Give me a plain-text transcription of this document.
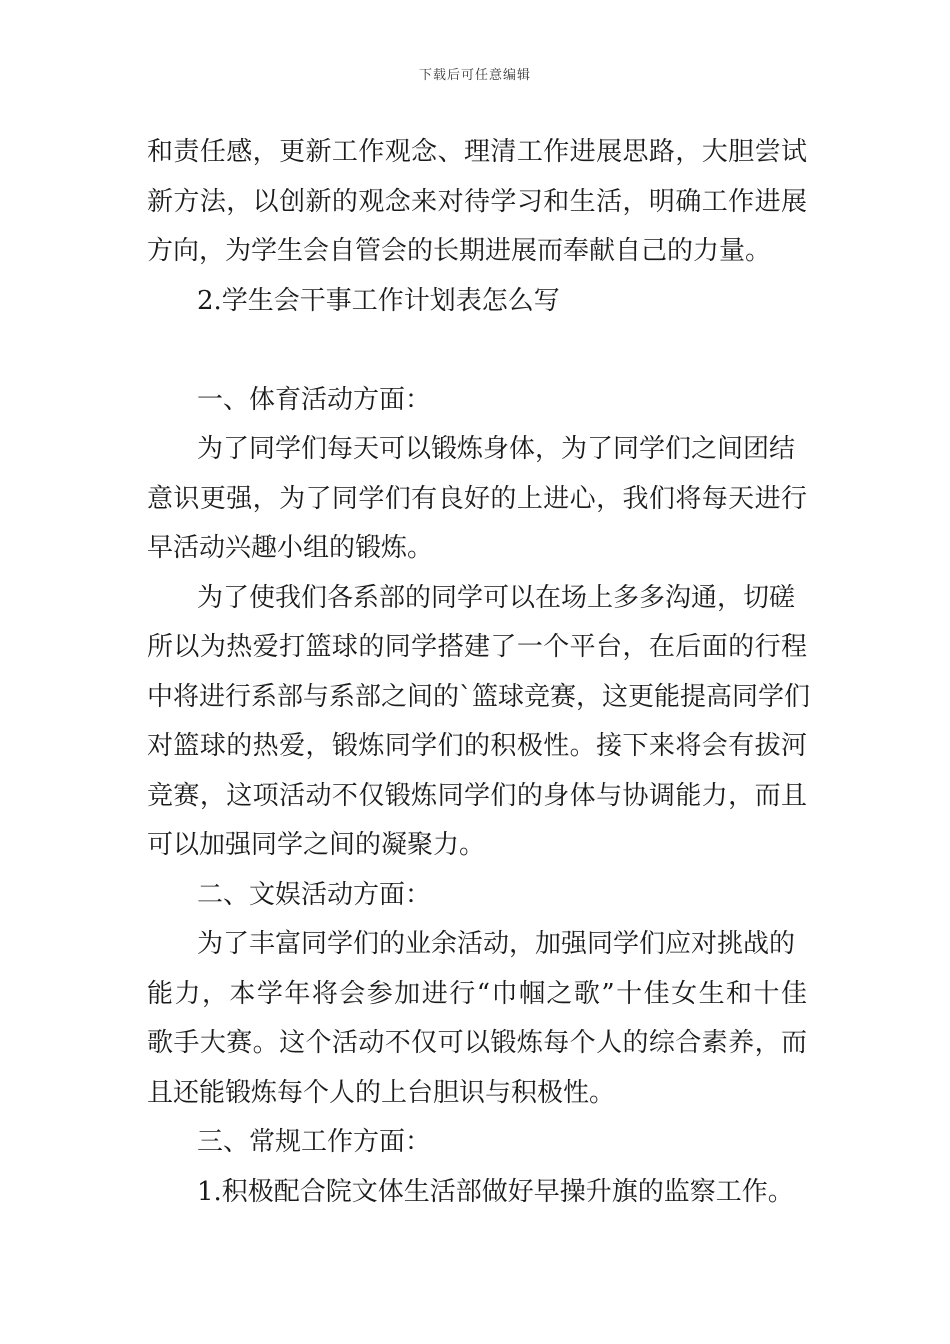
下载后可任意编辑
和责任感，更新工作观念、理清工作进展思路，大胆尝试
新方法，以创新的观念来对待学习和生活，明确工作进展
方向，为学生会自管会的长期进展而奉献自己的力量。
2.学生会干事工作计划表怎么写
一、体育活动方面：
为了同学们每天可以锻炼身体，为了同学们之间团结
意识更强，为了同学们有良好的上进心，我们将每天进行
早活动兴趣小组的锻炼。
为了使我们各系部的同学可以在场上多多沟通，切磋
所以为热爱打篮球的同学搭建了一个平台，在后面的行程
中将进行系部与系部之间的`篮球竞赛，这更能提高同学们
对篮球的热爱，锻炼同学们的积极性。接下来将会有拔河
竞赛，这项活动不仅锻炼同学们的身体与协调能力，而且
可以加强同学之间的凝聚力。
二、文娱活动方面：
为了丰富同学们的业余活动，加强同学们应对挑战的
能力，本学年将会参加进行“巾帼之歌”十佳女生和十佳
歌手大赛。这个活动不仅可以锻炼每个人的综合素养，而
且还能锻炼每个人的上台胆识与积极性。
三、常规工作方面：
1.积极配合院文体生活部做好早操升旗的监察工作。
